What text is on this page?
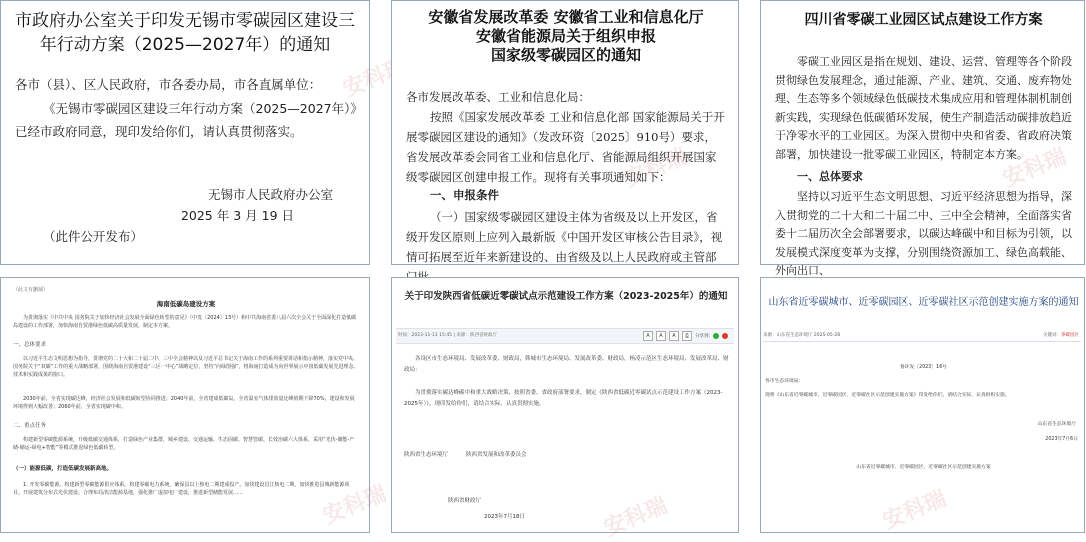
市政府办公室关于印发无锡市零碳园区建设三年行动方案（2025—2027年）的通知
各市（县）、区人民政府，市各委办局，市各直属单位：
《无锡市零碳园区建设三年行动方案（2025—2027年）》已经市政府同意，现印发给你们，请认真贯彻落实。
无锡市人民政府办公室
2025 年 3 月 19 日
（此件公开发布）
安科瑞
安徽省发展改革委 安徽省工业和信息化厅
安徽省能源局关于组织申报
国家级零碳园区的通知
各市发展改革委、工业和信息化局：
按照《国家发展改革委 工业和信息化部 国家能源局关于开展零碳园区建设的通知》（发改环资〔2025〕910号）要求，省发展改革委会同省工业和信息化厅、省能源局组织开展国家级零碳园区创建申报工作。现将有关事项通知如下：
一、申报条件
（一）国家级零碳园区建设主体为省级及以上开发区，省级开发区原则上应列入最新版《中国开发区审核公告目录》，视情可拓展至近年来新建设的、由省级及以上人民政府或主管部
安科瑞
四川省零碳工业园区试点建设工作方案
零碳工业园区是指在规划、建设、运营、管理等各个阶段贯彻绿色发展理念，通过能源、产业、建筑、交通、废弃物处理、生态等多个领域绿色低碳技术集成应用和管理体制机制创新实践，实现绿色低碳循环发展，使生产制造活动碳排放趋近于净零水平的工业园区。为深入贯彻中央和省委、省政府决策部署，加快建设一批零碳工业园区，特制定本方案。
一、总体要求
坚持以习近平生态文明思想、习近平经济思想为指导，深入贯彻党的二十大和二十届二中、三中全会精神，全面落实省委十二届历次全会部署要求，以碳达峰碳中和目标为引领，以发展模式深度变革为支撑，分别围绕资源加工、绿色高载能、外向出口、
安科瑞
（此文有删减）
海南低碳岛建设方案
为贯彻落实《中共中央 国务院关于加快经济社会发展全面绿色转型的意见》（中发〔2024〕13号）和中共海南省委八届六次全会关于全面深化打造低碳岛建设的工作部署，加快海南自贸港绿色低碳高质量发展，制定本方案。
一、总体要求
以习近平生态文明思想为指导，贯彻党的二十大和二十届二中、三中全会精神以及习近平总书记关于海南工作的系列重要讲话和指示精神，落实党中央、国务院关于“双碳”工作的重大战略部署，围绕海南自贸港建设“三区一中心”战略定位，坚持“向绿图强”，将海南打造成为向世界展示中国低碳发展先进理念、技术和实践成果的窗口。
2030年前，全省实现碳达峰，经济社会发展和低碳转型协同推进；2040年前，全省建成低碳岛，全省温室气体排放量比峰值期下降70%，建设和发展环境得到大幅改善；2060年前，全省实现碳中和。
二、重点任务
构建新型零碳能源系统，升级低碳交通体系，打造绿色产业集群，城乡建设、交通运输、生态固碳、智慧管碳、长效治碳六大体系，采用“光伏-储能-产储-储运-绿电+智能”等模式推进绿色低碳转型。
（一）能源低碳，打造低碳发展新高地。
1. 开发零碳能源。构建新型零碳能源供应体系。构建零碳电力系统，确保县以上核电二期建成投产。加快建设昌江核电二期，加快推进县城新能源项目。开展建筑分布式光伏建设。合理布局清洁能源基地，强化推广虚拟电厂建设，推进新型储能发展……	安科瑞
关于印发陕西省低碳近零碳试点示范建设工作方案（2023-2025年）的通知
时间：2023-11-13 15:45 | 来源：陕西省财政厅	A	A	A	⎙	分享到:
各设区市生态环境局、发展改革委、财政局，韩城市生态环境局、发展改革委、财政局，杨凌示范区生态环境局、发展改革局、财政局：
为贯彻落实碳达峰碳中和重大战略决策，按照省委、省政府部署要求，制定《陕西省低碳近零碳试点示范建设工作方案（2023-2025年）》，现印发给你们，请结合实际，认真贯彻实施。
陕西省生态环境厅	陕西省发展和改革委员会
陕西省财政厅
2023年7月18日	安科瑞
山东省近零碳城市、近零碳园区、近零碳社区示范创建实施方案的通知
来源：山东省生态环境厅 2025-05-28	关键词：零碳园区
鲁环发〔2023〕16号
各市生态环境局：
现将《山东省近零碳城市、近零碳园区、近零碳社区示范创建实施方案》印发给你们，请结合实际，认真组织实施。
山东省生态环境厅
2023年7月6日
山东省近零碳城市、近零碳园区、近零碳社区示范创建实施方案
安科瑞
